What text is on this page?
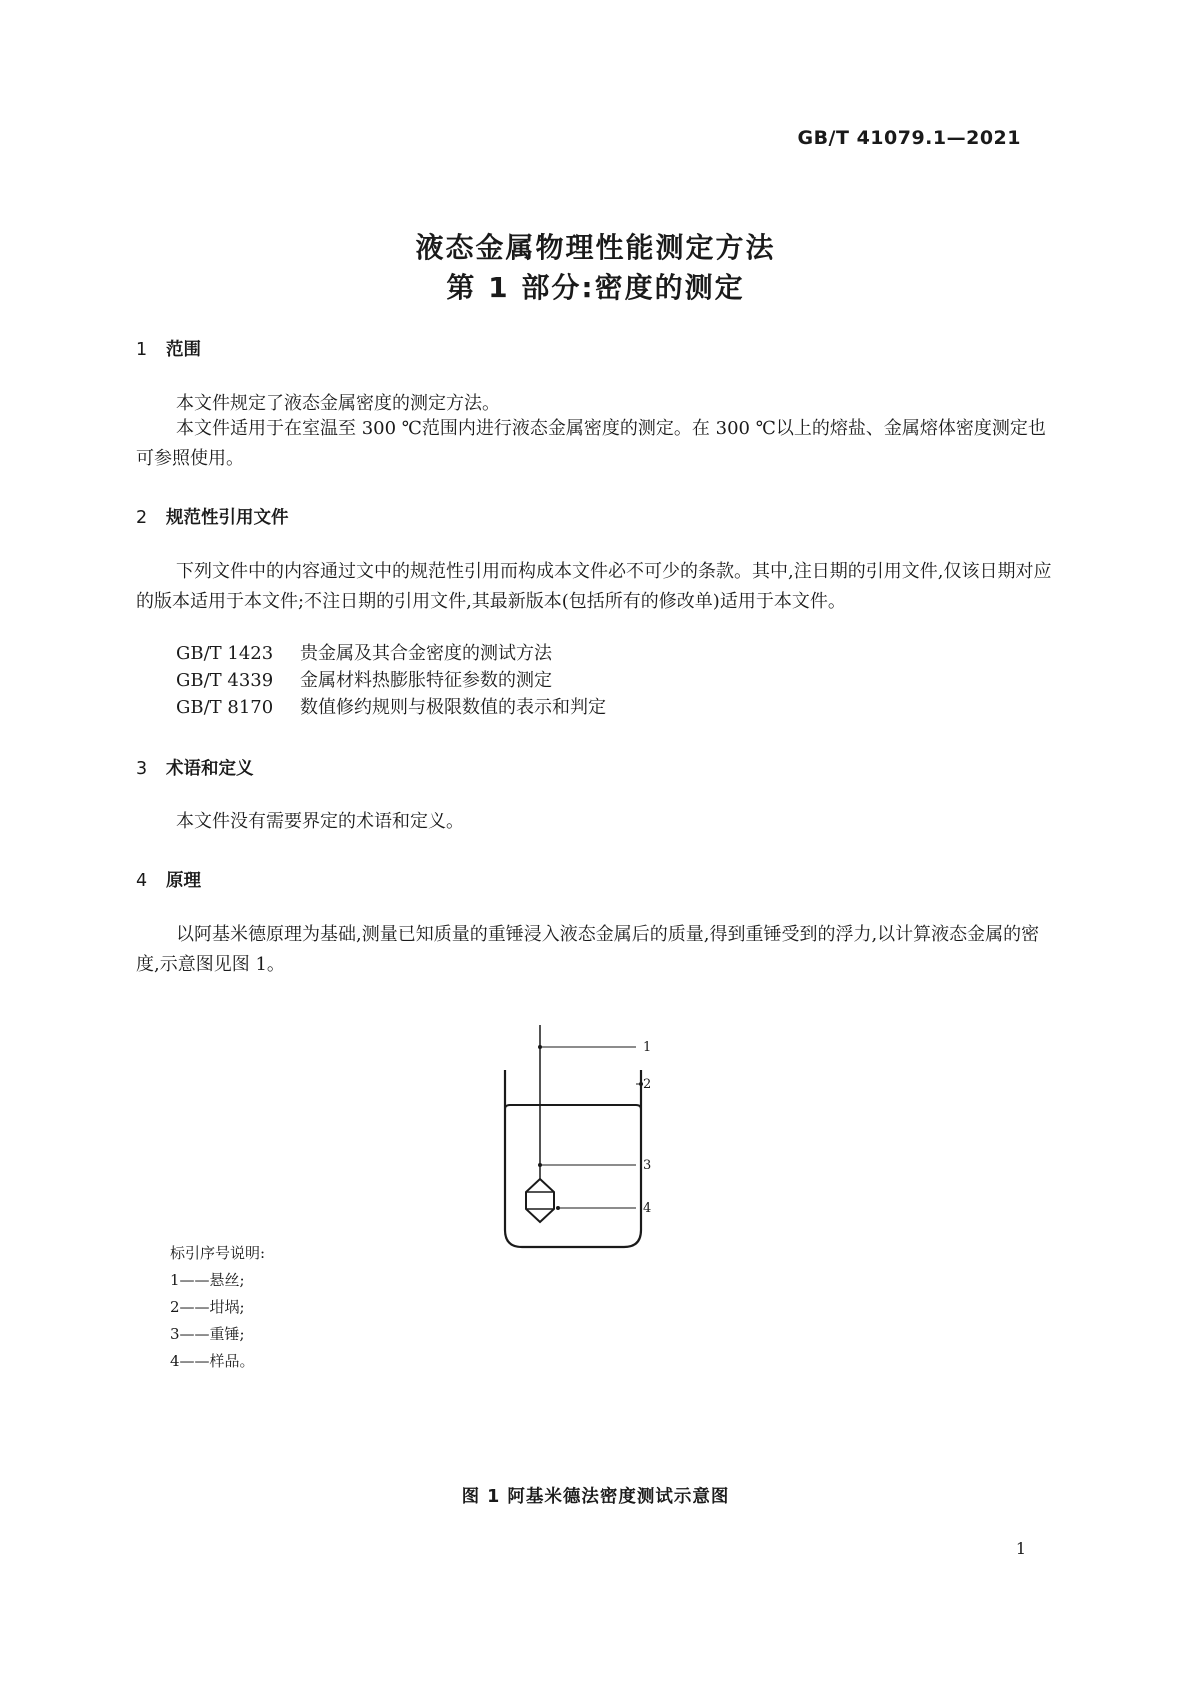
GB/T 41079.1—2021
液态金属物理性能测定方法
第 1 部分:密度的测定
1 范围
本文件规定了液态金属密度的测定方法。
本文件适用于在室温至 300 ℃范围内进行液态金属密度的测定。在 300 ℃以上的熔盐、金属熔体密度测定也可参照使用。
2 规范性引用文件
下列文件中的内容通过文中的规范性引用而构成本文件必不可少的条款。其中,注日期的引用文件,仅该日期对应的版本适用于本文件;不注日期的引用文件,其最新版本(包括所有的修改单)适用于本文件。
GB/T 1423 贵金属及其合金密度的测试方法
GB/T 4339 金属材料热膨胀特征参数的测定
GB/T 8170 数值修约规则与极限数值的表示和判定
3 术语和定义
本文件没有需要界定的术语和定义。
4 原理
以阿基米德原理为基础,测量已知质量的重锤浸入液态金属后的质量,得到重锤受到的浮力,以计算液态金属的密度,示意图见图 1。
1
2
3
4
标引序号说明:
1——悬丝;
2——坩埚;
3——重锤;
4——样品。
图 1 阿基米德法密度测试示意图
1
